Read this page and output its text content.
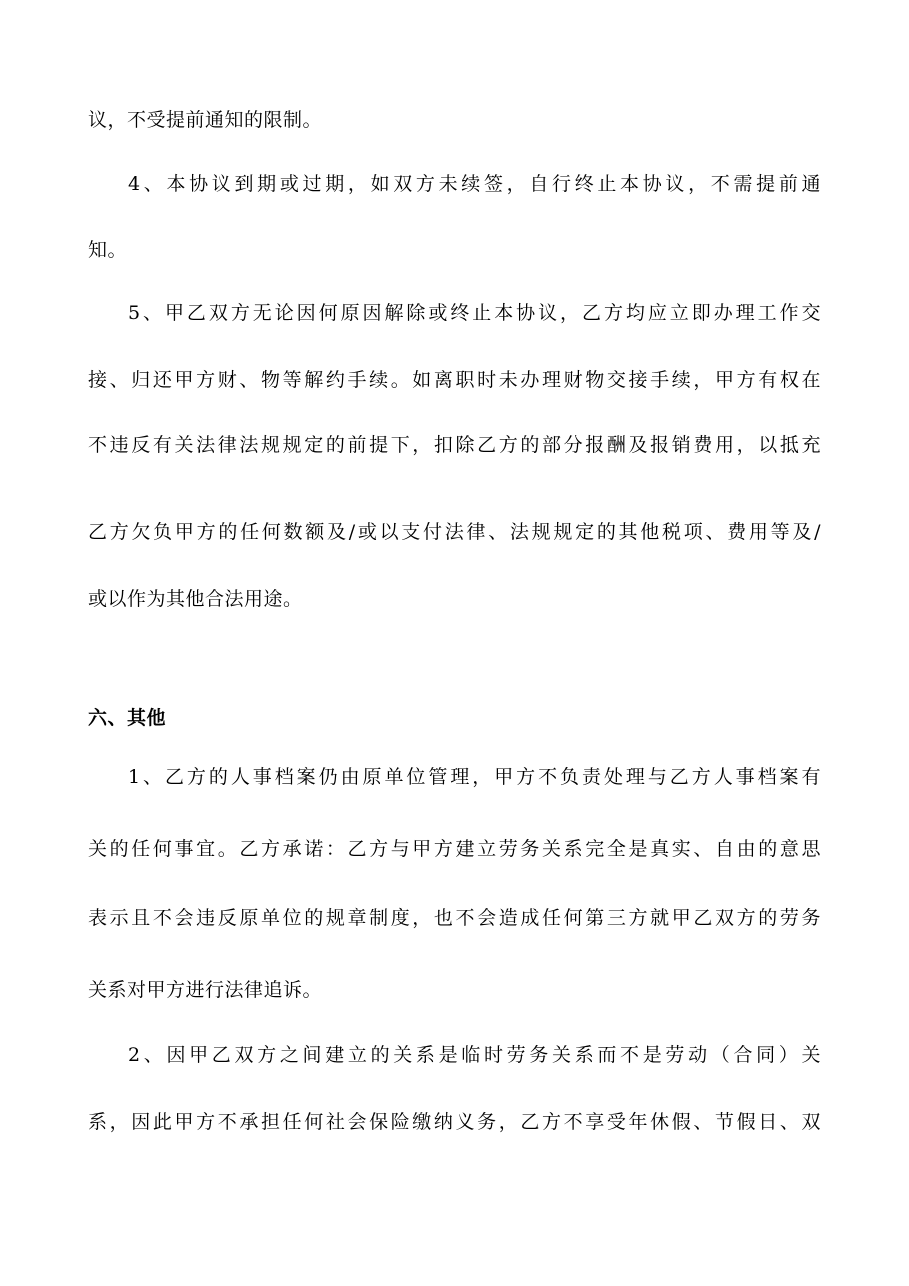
议，不受提前通知的限制。
4、本协议到期或过期，如双方未续签，自行终止本协议，不需提前通
知。
5、甲乙双方无论因何原因解除或终止本协议，乙方均应立即办理工作交
接、归还甲方财、物等解约手续。如离职时未办理财物交接手续，甲方有权在
不违反有关法律法规规定的前提下，扣除乙方的部分报酬及报销费用，以抵充
乙方欠负甲方的任何数额及/或以支付法律、法规规定的其他税项、费用等及/
或以作为其他合法用途。
六、其他
1、乙方的人事档案仍由原单位管理，甲方不负责处理与乙方人事档案有
关的任何事宜。乙方承诺：乙方与甲方建立劳务关系完全是真实、自由的意思
表示且不会违反原单位的规章制度，也不会造成任何第三方就甲乙双方的劳务
关系对甲方进行法律追诉。
2、因甲乙双方之间建立的关系是临时劳务关系而不是劳动（合同）关
系，因此甲方不承担任何社会保险缴纳义务，乙方不享受年休假、节假日、双
